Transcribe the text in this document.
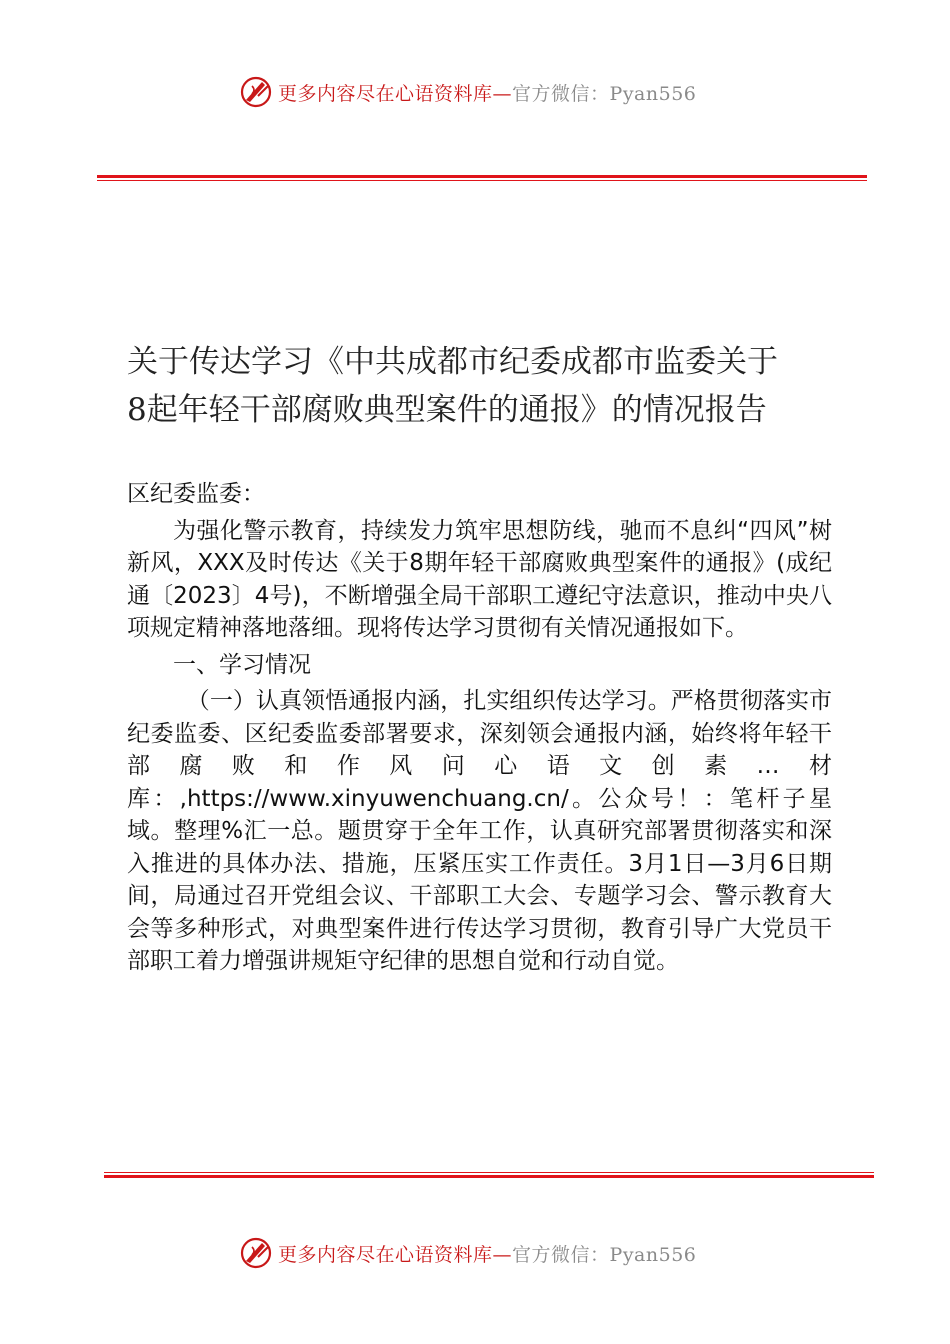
更多内容尽在心语资料库—官方微信：Pyan556
关于传达学习《中共成都市纪委成都市监委关于
8起年轻干部腐败典型案件的通报》的情况报告

区纪委监委：

为强化警示教育，持续发力筑牢思想防线，驰而不息纠“四风”树新风，XXX及时传达《关于8期年轻干部腐败典型案件的通报》(成纪通〔2023〕4号)，不断增强全局干部职工遵纪守法意识，推动中央八项规定精神落地落细。现将传达学习贯彻有关情况通报如下。

一、学习情况

（一）认真领悟通报内涵，扎实组织传达学习。严格贯彻落实市纪委监委、区纪委监委部署要求，深刻领会通报内涵，始终将年轻干部腐败和作风问心语文创素…材库：,https://www.xinyuwenchuang.cn/。公众号！：笔杆子星域。整理%汇一总。题贯穿于全年工作，认真研究部署贯彻落实和深入推进的具体办法、措施，压紧压实工作责任。3月1日—3月6日期间，局通过召开党组会议、干部职工大会、专题学习会、警示教育大会等多种形式，对典型案件进行传达学习贯彻，教育引导广大党员干部职工着力增强讲规矩守纪律的思想自觉和行动自觉。

更多内容尽在心语资料库—官方微信：Pyan556
